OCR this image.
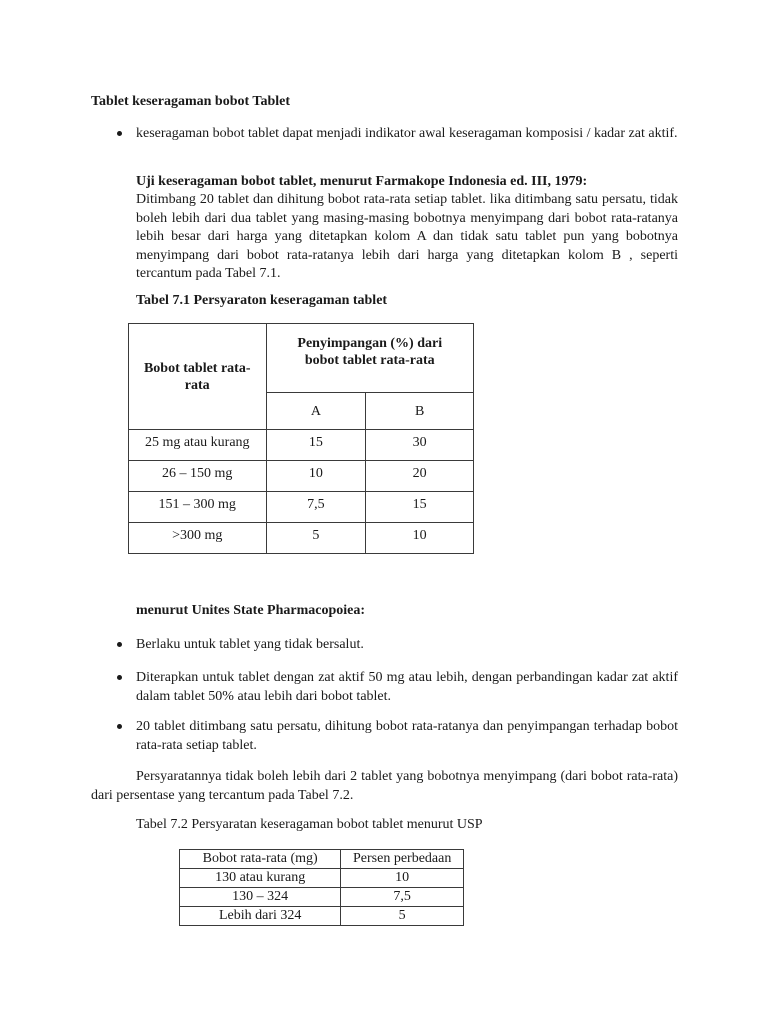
Tablet keseragaman bobot Tablet
keseragaman bobot tablet dapat menjadi indikator awal keseragaman komposisi / kadar zat aktif.
Uji keseragaman bobot tablet, menurut Farmakope Indonesia ed. III, 1979:
Ditimbang 20 tablet dan dihitung bobot rata-rata setiap tablet. lika ditimbang satu persatu, tidak boleh lebih dari dua tablet yang masing-masing bobotnya menyimpang dari bobot rata-ratanya lebih besar dari harga yang ditetapkan kolom A dan tidak satu tablet pun yang bobotnya menyimpang dari bobot rata-ratanya lebih dari harga yang ditetapkan kolom B , seperti tercantum pada Tabel 7.1.
Tabel 7.1 Persyaraton keseragaman tablet
Bobot tablet rata-rata	Penyimpangan (%) dari bobot tablet rata-rata	
	A	B
25 mg atau kurang	15	30
26 – 150 mg	10	20
151 – 300 mg	7,5	15
>300 mg	5	10
menurut Unites State Pharmacopoiea:
Berlaku untuk tablet yang tidak bersalut.
Diterapkan untuk tablet dengan zat aktif 50 mg atau lebih, dengan perbandingan kadar zat aktif dalam tablet 50% atau lebih dari bobot tablet.
20 tablet ditimbang satu persatu, dihitung bobot rata-ratanya dan penyimpangan terhadap bobot rata-rata setiap tablet.
Persyaratannya tidak boleh lebih dari 2 tablet yang bobotnya menyimpang (dari bobot rata-rata) dari persentase yang tercantum pada Tabel 7.2.
Tabel 7.2 Persyaratan keseragaman bobot tablet menurut USP
Bobot rata-rata (mg)	Persen perbedaan
130 atau kurang	10
130 – 324	7,5
Lebih dari 324	5
